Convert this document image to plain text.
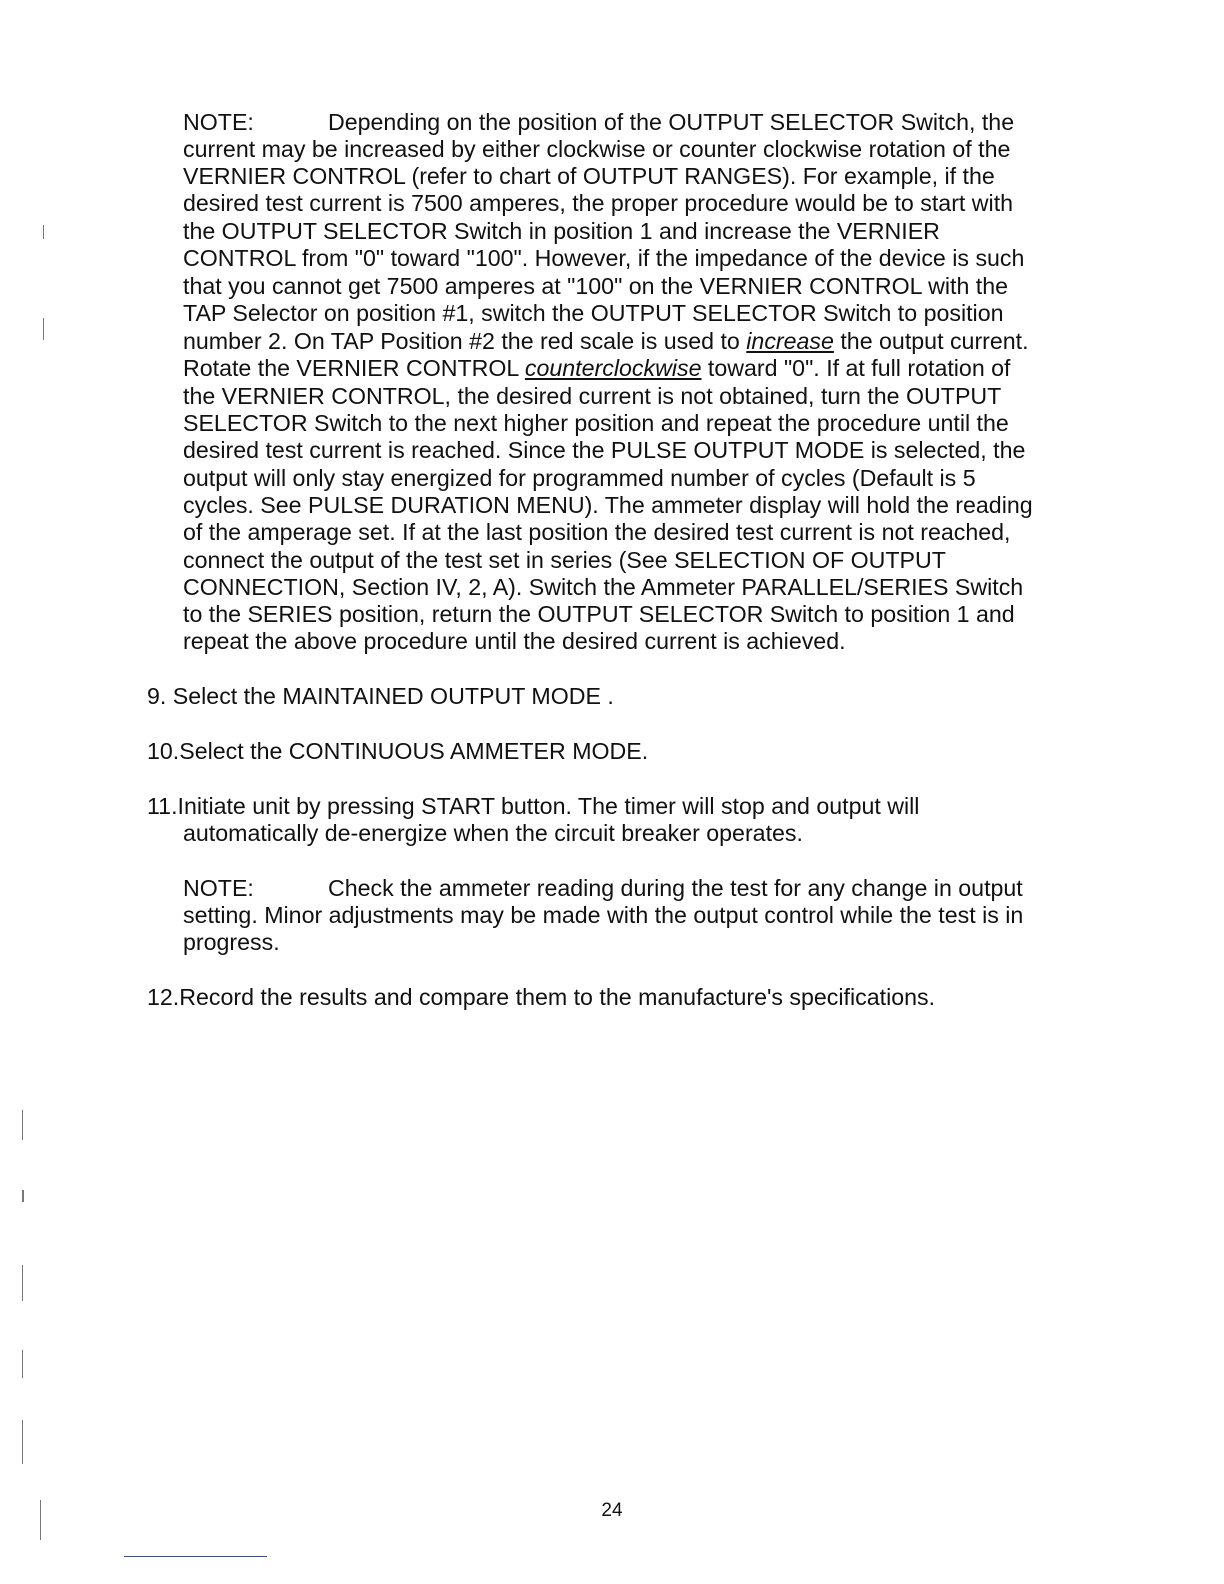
NOTE:	Depending on the position of the OUTPUT SELECTOR Switch, the
current may be increased by either clockwise or counter clockwise rotation of the
VERNIER CONTROL (refer to chart of OUTPUT RANGES). For example, if the
desired test current is 7500 amperes, the proper procedure would be to start with
the OUTPUT SELECTOR Switch in position 1 and increase the VERNIER
CONTROL from "0" toward "100". However, if the impedance of the device is such
that you cannot get 7500 amperes at "100" on the VERNIER CONTROL with the
TAP Selector on position #1, switch the OUTPUT SELECTOR Switch to position
number 2. On TAP Position #2 the red scale is used to increase the output current.
Rotate the VERNIER CONTROL counterclockwise toward "0". If at full rotation of
the VERNIER CONTROL, the desired current is not obtained, turn the OUTPUT
SELECTOR Switch to the next higher position and repeat the procedure until the
desired test current is reached. Since the PULSE OUTPUT MODE is selected, the
output will only stay energized for programmed number of cycles (Default is 5
cycles. See PULSE DURATION MENU). The ammeter display will hold the reading
of the amperage set. If at the last position the desired test current is not reached,
connect the output of the test set in series (See SELECTION OF OUTPUT
CONNECTION, Section IV, 2, A). Switch the Ammeter PARALLEL/SERIES Switch
to the SERIES position, return the OUTPUT SELECTOR Switch to position 1 and
repeat the above procedure until the desired current is achieved.
9. Select the MAINTAINED OUTPUT MODE .
10.Select the CONTINUOUS AMMETER MODE.
11.Initiate unit by pressing START button. The timer will stop and output will
automatically de-energize when the circuit breaker operates.
NOTE:	Check the ammeter reading during the test for any change in output
setting. Minor adjustments may be made with the output control while the test is in
progress.
12.Record the results and compare them to the manufacture's specifications.
24
